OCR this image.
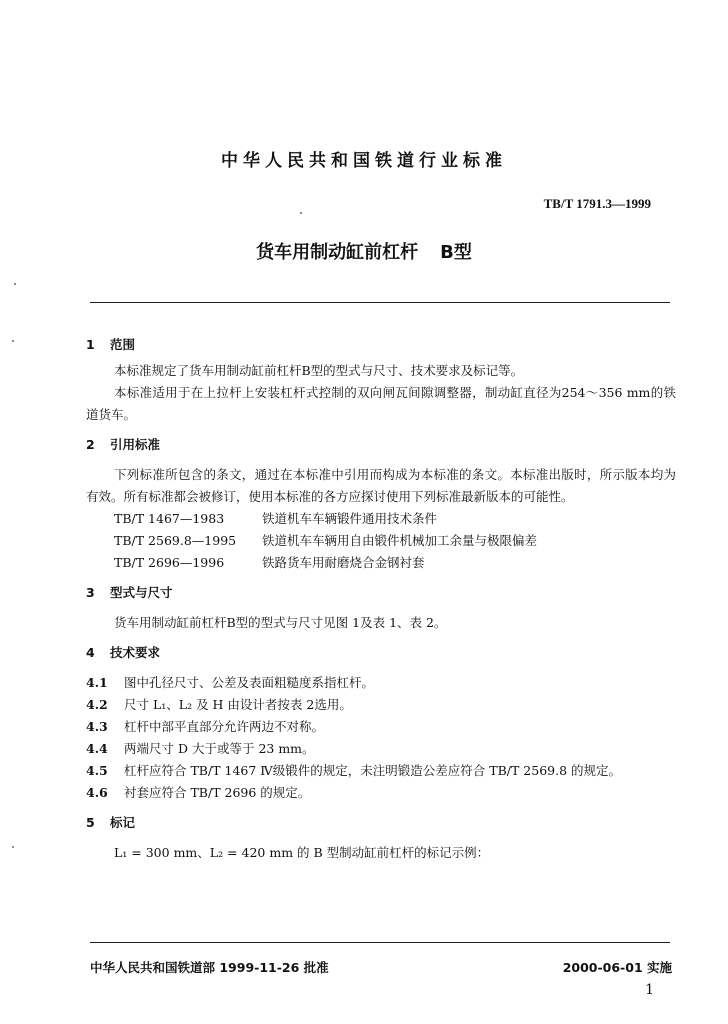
中华人民共和国铁道行业标准
TB/T 1791.3—1999
货车用制动缸前杠杆 B型
1 范围
本标准规定了货车用制动缸前杠杆B型的型式与尺寸、技术要求及标记等。
本标准适用于在上拉杆上安装杠杆式控制的双向闸瓦间隙调整器，制动缸直径为254～356 mm的铁道货车。
2 引用标准
下列标准所包含的条文，通过在本标准中引用而构成为本标准的条文。本标准出版时，所示版本均为有效。所有标准都会被修订，使用本标准的各方应探讨使用下列标准最新版本的可能性。
TB/T 1467—1983	铁道机车车辆锻件通用技术条件
TB/T 2569.8—1995 铁道机车车辆用自由锻件机械加工余量与极限偏差
TB/T 2696—1996	铁路货车用耐磨烧合金钢衬套
3 型式与尺寸
货车用制动缸前杠杆B型的型式与尺寸见图 1及表 1、表 2。
4 技术要求
4.1 图中孔径尺寸、公差及表面粗糙度系指杠杆。
4.2 尺寸 L₁、L₂ 及 H 由设计者按表 2选用。
4.3 杠杆中部平直部分允许两边不对称。
4.4 两端尺寸 D 大于或等于 23 mm。
4.5 杠杆应符合 TB/T 1467 Ⅳ级锻件的规定，未注明锻造公差应符合 TB/T 2569.8 的规定。
4.6 衬套应符合 TB/T 2696 的规定。
5 标记
L₁ = 300 mm、L₂ = 420 mm 的 B 型制动缸前杠杆的标记示例：
中华人民共和国铁道部 1999-11-26 批准	2000-06-01 实施
1
